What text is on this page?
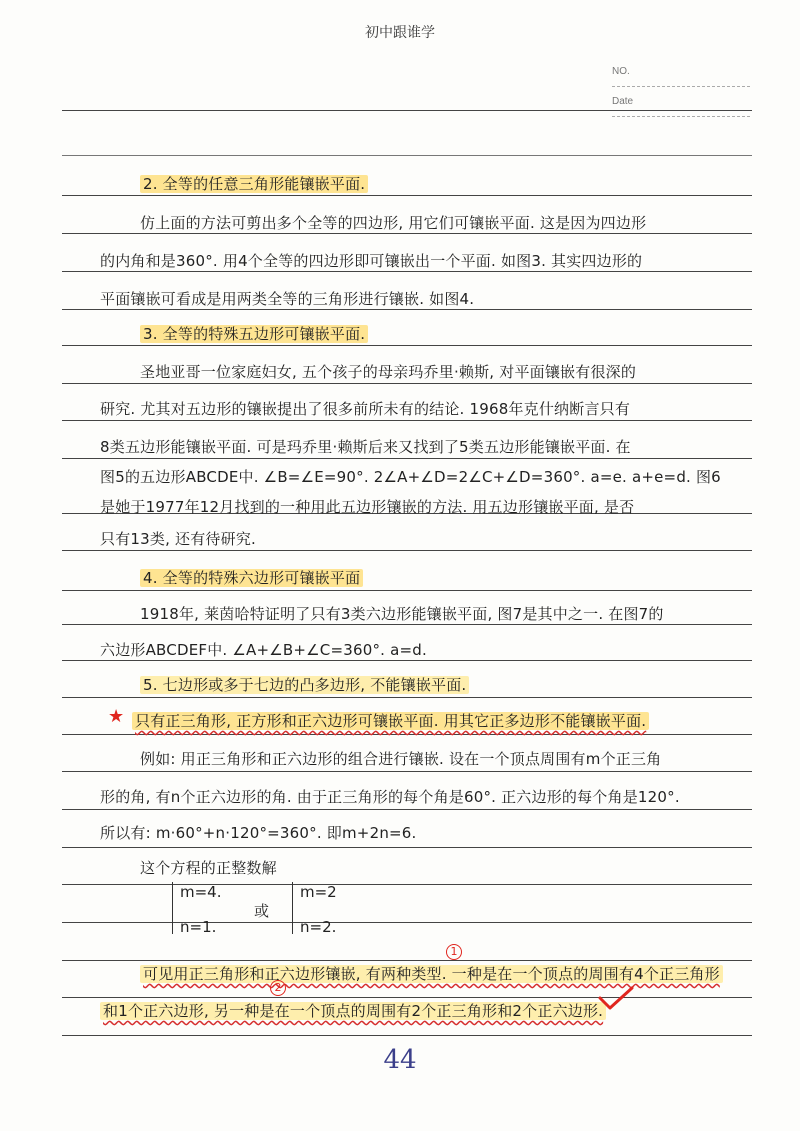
初中跟谁学
NO.
Date
2. 全等的任意三角形能镶嵌平面.
仿上面的方法可剪出多个全等的四边形, 用它们可镶嵌平面. 这是因为四边形
的内角和是360°. 用4个全等的四边形即可镶嵌出一个平面. 如图3. 其实四边形的
平面镶嵌可看成是用两类全等的三角形进行镶嵌. 如图4.
3. 全等的特殊五边形可镶嵌平面.
圣地亚哥一位家庭妇女, 五个孩子的母亲玛乔里·赖斯, 对平面镶嵌有很深的
研究. 尤其对五边形的镶嵌提出了很多前所未有的结论. 1968年克什纳断言只有
8类五边形能镶嵌平面. 可是玛乔里·赖斯后来又找到了5类五边形能镶嵌平面. 在
图5的五边形ABCDE中. ∠B=∠E=90°. 2∠A+∠D=2∠C+∠D=360°. a=e. a+e=d. 图6
是她于1977年12月找到的一种用此五边形镶嵌的方法. 用五边形镶嵌平面, 是否
只有13类, 还有待研究.
4. 全等的特殊六边形可镶嵌平面
1918年, 莱茵哈特证明了只有3类六边形能镶嵌平面, 图7是其中之一. 在图7的
六边形ABCDEF中. ∠A+∠B+∠C=360°. a=d.
5. 七边形或多于七边的凸多边形, 不能镶嵌平面.
★ 只有正三角形, 正方形和正六边形可镶嵌平面. 用其它正多边形不能镶嵌平面.
例如: 用正三角形和正六边形的组合进行镶嵌. 设在一个顶点周围有m个正三角
形的角, 有n个正六边形的角. 由于正三角形的每个角是60°. 正六边形的每个角是120°.
所以有: m·60°+n·120°=360°. 即m+2n=6.
这个方程的正整数解
m=4.
n=1.
或
m=2
n=2.
1
可见用正三角形和正六边形镶嵌, 有两种类型. 一种是在一个顶点的周围有4个正三角形
2
和1个正六边形, 另一种是在一个顶点的周围有2个正三角形和2个正六边形.
44
